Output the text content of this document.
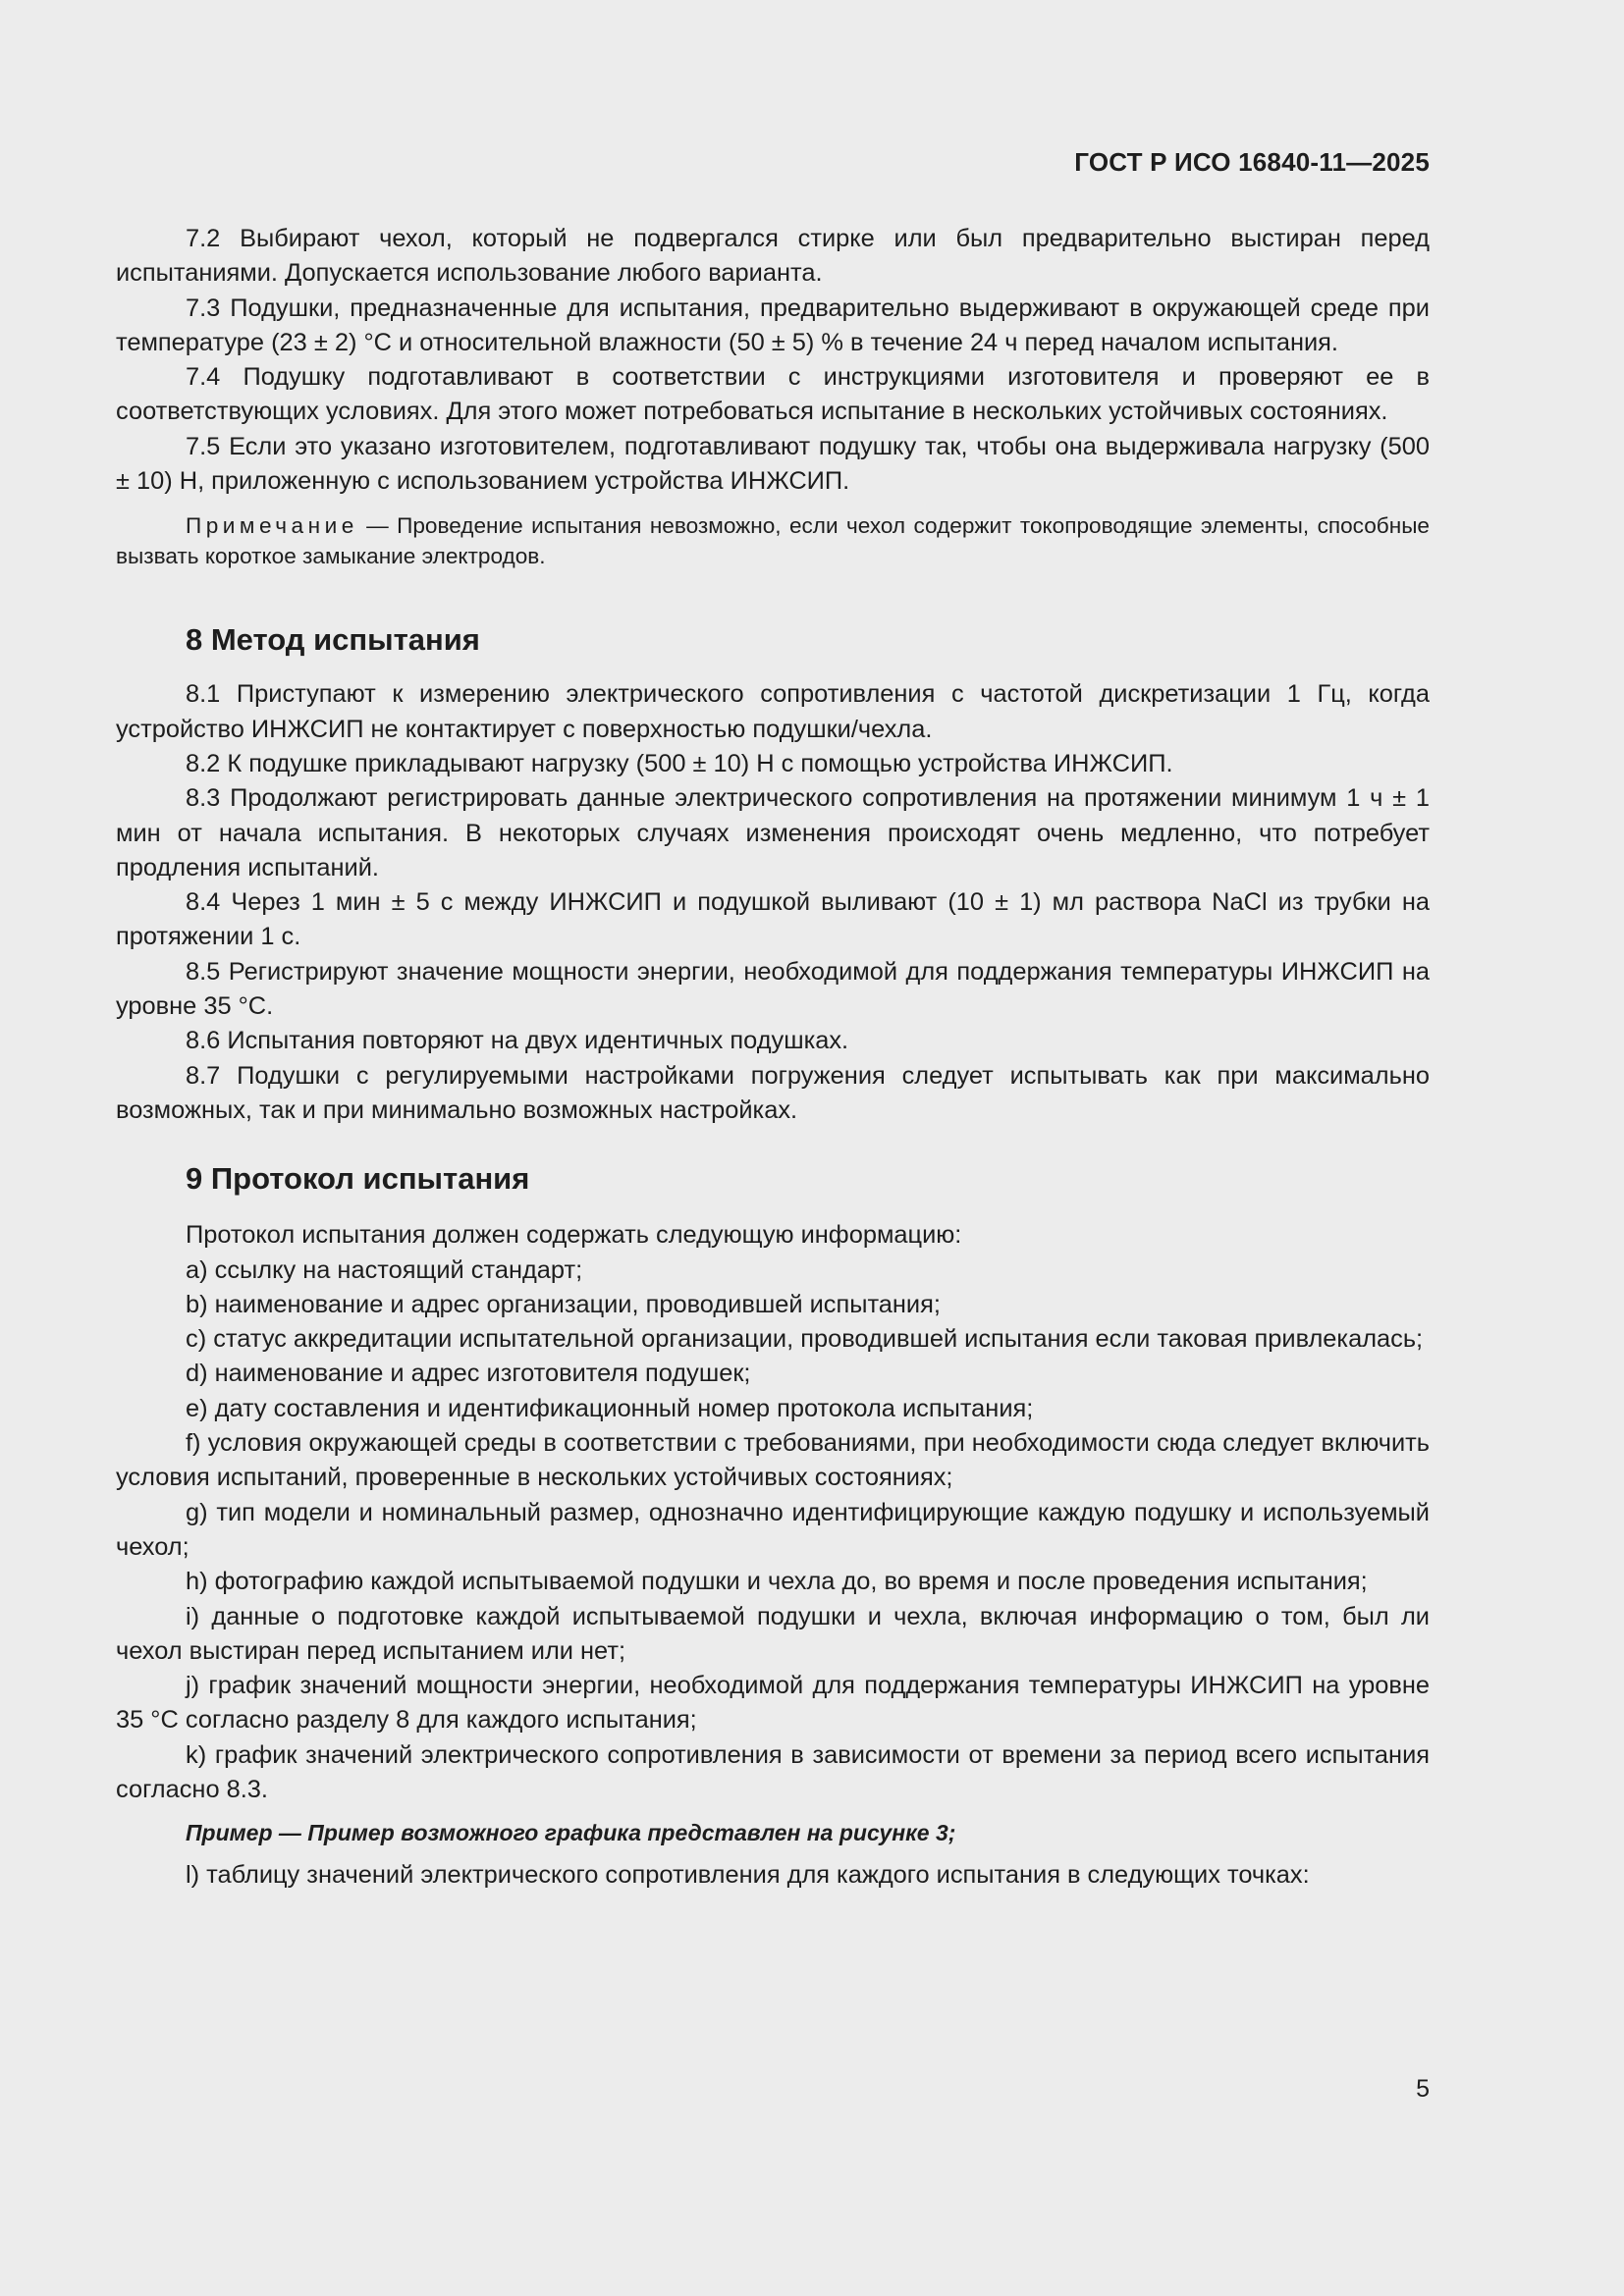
ГОСТ Р ИСО 16840-11—2025

7.2 Выбирают чехол, который не подвергался стирке или был предварительно выстиран перед испытаниями. Допускается использование любого варианта.

7.3 Подушки, предназначенные для испытания, предварительно выдерживают в окружающей среде при температуре (23 ± 2) °С и относительной влажности (50 ± 5) % в течение 24 ч перед началом испытания.

7.4 Подушку подготавливают в соответствии с инструкциями изготовителя и проверяют ее в соответствующих условиях. Для этого может потребоваться испытание в нескольких устойчивых состояниях.

7.5 Если это указано изготовителем, подготавливают подушку так, чтобы она выдерживала нагрузку (500 ± 10) Н, приложенную с использованием устройства ИНЖСИП.

Примечание — Проведение испытания невозможно, если чехол содержит токопроводящие элементы, способные вызвать короткое замыкание электродов.

8 Метод испытания

8.1 Приступают к измерению электрического сопротивления с частотой дискретизации 1 Гц, когда устройство ИНЖСИП не контактирует с поверхностью подушки/чехла.

8.2 К подушке прикладывают нагрузку (500 ± 10) Н с помощью устройства ИНЖСИП.

8.3 Продолжают регистрировать данные электрического сопротивления на протяжении минимум 1 ч ± 1 мин от начала испытания. В некоторых случаях изменения происходят очень медленно, что потребует продления испытаний.

8.4 Через 1 мин ± 5 с между ИНЖСИП и подушкой выливают (10 ± 1) мл раствора NaCl из трубки на протяжении 1 с.

8.5 Регистрируют значение мощности энергии, необходимой для поддержания температуры ИНЖСИП на уровне 35 °С.

8.6 Испытания повторяют на двух идентичных подушках.

8.7 Подушки с регулируемыми настройками погружения следует испытывать как при максимально возможных, так и при минимально возможных настройках.

9 Протокол испытания

Протокол испытания должен содержать следующую информацию:

a) ссылку на настоящий стандарт;

b) наименование и адрес организации, проводившей испытания;

c) статус аккредитации испытательной организации, проводившей испытания если таковая привлекалась;

d) наименование и адрес изготовителя подушек;

e) дату составления и идентификационный номер протокола испытания;

f) условия окружающей среды в соответствии с требованиями, при необходимости сюда следует включить условия испытаний, проверенные в нескольких устойчивых состояниях;

g) тип модели и номинальный размер, однозначно идентифицирующие каждую подушку и используемый чехол;

h) фотографию каждой испытываемой подушки и чехла до, во время и после проведения испытания;

i) данные о подготовке каждой испытываемой подушки и чехла, включая информацию о том, был ли чехол выстиран перед испытанием или нет;

j) график значений мощности энергии, необходимой для поддержания температуры ИНЖСИП на уровне 35 °С согласно разделу 8 для каждого испытания;

k) график значений электрического сопротивления в зависимости от времени за период всего испытания согласно 8.3.

Пример — Пример возможного графика представлен на рисунке 3;

l) таблицу значений электрического сопротивления для каждого испытания в следующих точках:

5
